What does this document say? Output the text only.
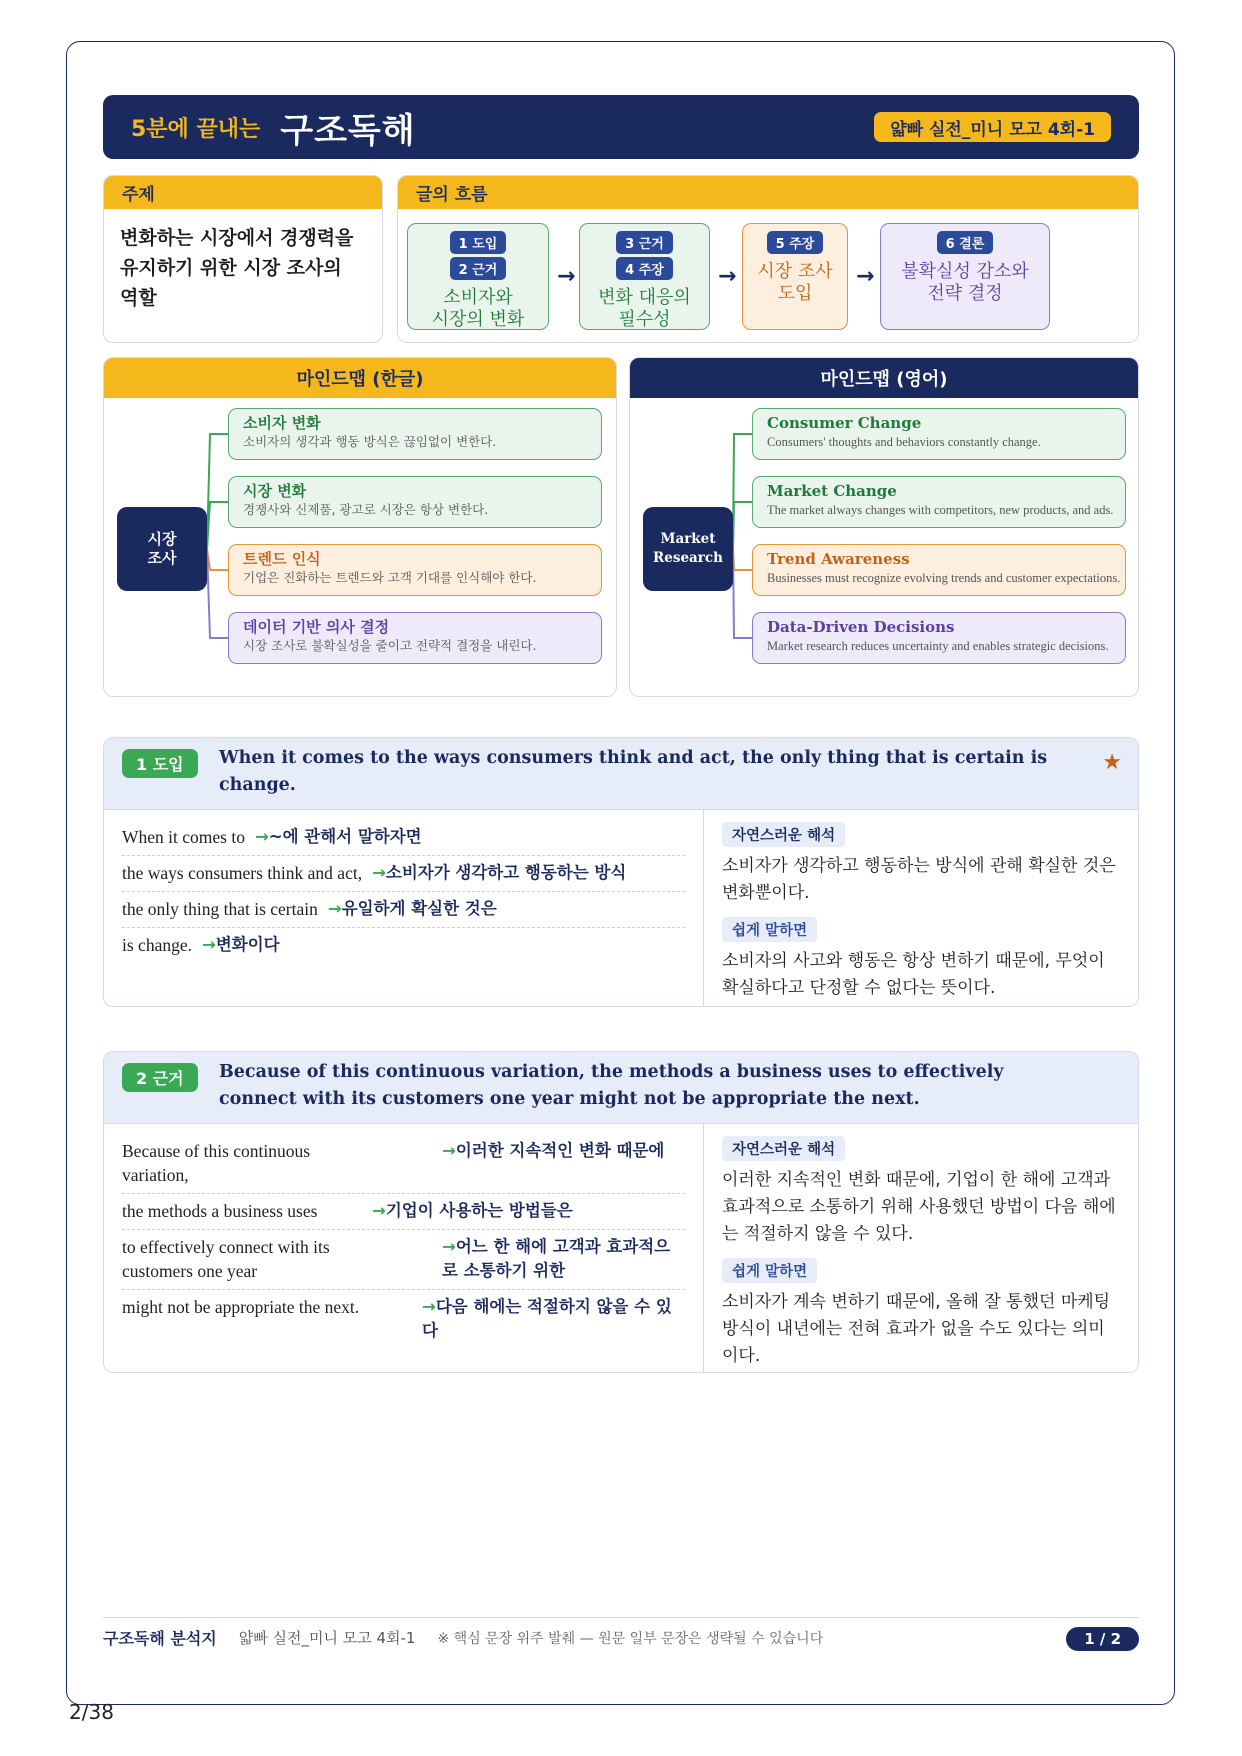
5분에 끝내는 구조독해	얇빠 실전_미니 모고 4회-1
주제
변화하는 시장에서 경쟁력을 유지하기 위한 시장 조사의 역할
글의 흐름
1 도입
2 근거
소비자와
시장의 변화
3 근거
4 주장
변화 대응의
필수성
5 주장
시장 조사
도입
6 결론
불확실성 감소와
전략 결정
→	→	→
마인드맵 (한글)
시장
조사
소비자 변화
소비자의 생각과 행동 방식은 끊임없이 변한다.
시장 변화
경쟁사와 신제품, 광고로 시장은 항상 변한다.
트렌드 인식
기업은 진화하는 트렌드와 고객 기대를 인식해야 한다.
데이터 기반 의사 결정
시장 조사로 불확실성을 줄이고 전략적 결정을 내린다.
마인드맵 (영어)
Market
Research
Consumer Change
Consumers' thoughts and behaviors constantly change.
Market Change
The market always changes with competitors, new products, and ads.
Trend Awareness
Businesses must recognize evolving trends and customer expectations.
Data-Driven Decisions
Market research reduces uncertainty and enables strategic decisions.
1 도입	When it comes to the ways consumers think and act, the only thing that is certain is change.
★
When it comes to	→ ~에 관해서 말하자면
the ways consumers think and act,	→ 소비자가 생각하고 행동하는 방식
the only thing that is certain	→ 유일하게 확실한 것은
is change.	→ 변화이다
자연스러운 해석
소비자가 생각하고 행동하는 방식에 관해 확실한 것은 변화뿐이다.
쉽게 말하면
소비자의 사고와 행동은 항상 변하기 때문에, 무엇이 확실하다고 단정할 수 없다는 뜻이다.
2 근거	Because of this continuous variation, the methods a business uses to effectively connect with its customers one year might not be appropriate the next.
Because of this continuous
variation,
→ 이러한 지속적인 변화 때문에
the methods a business uses	→ 기업이 사용하는 방법들은
to effectively connect with its
customers one year
→ 어느 한 해에 고객과 효과적으로 소통하기 위한
might not be appropriate the next.	→ 다음 해에는 적절하지 않을 수 있다
자연스러운 해석
이러한 지속적인 변화 때문에, 기업이 한 해에 고객과 효과적으로 소통하기 위해 사용했던 방법이 다음 해에는 적절하지 않을 수 있다.
쉽게 말하면
소비자가 계속 변하기 때문에, 올해 잘 통했던 마케팅 방식이 내년에는 전혀 효과가 없을 수도 있다는 의미이다.
구조독해 분석지 얇빠 실전_미니 모고 4회-1 ※ 핵심 문장 위주 발췌 — 원문 일부 문장은 생략될 수 있습니다	1 / 2
2/38
